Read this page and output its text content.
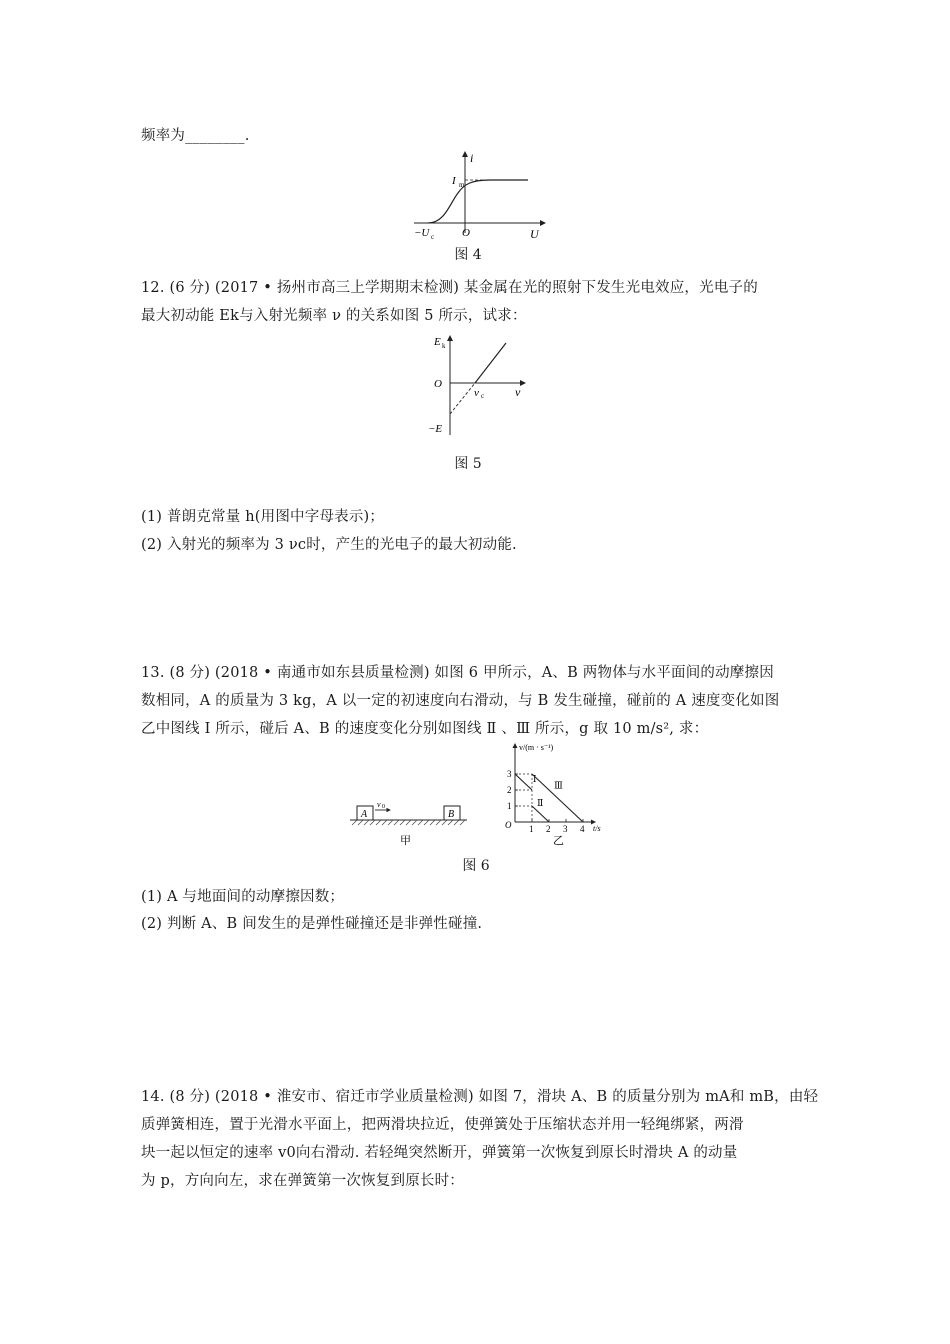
频率为________.
i
I m
−U c	O	U
图 4
12. (6 分) (2017 • 扬州市高三上学期期末检测) 某金属在光的照射下发生光电效应，光电子的
最大初动能 Ek与入射光频率 ν 的关系如图 5 所示，试求：
E k
O
ν c	ν
−E
图 5
(1) 普朗克常量 h(用图中字母表示)；
(2) 入射光的频率为 3 νc时，产生的光电子的最大初动能.
13. (8 分) (2018 • 南通市如东县质量检测) 如图 6 甲所示，A、B 两物体与水平面间的动摩擦因
数相同，A 的质量为 3 kg，A 以一定的初速度向右滑动，与 B 发生碰撞，碰前的 A 速度变化如图
乙中图线 Ⅰ 所示，碰后 A、B 的速度变化分别如图线 Ⅱ 、Ⅲ 所示，g 取 10 m/s², 求：
A
v 0
B
甲
v/(m · s⁻¹)
t/s
O
1
2
3
1 2 3 4
Ⅰ
Ⅱ
Ⅲ
乙
图 6
(1) A 与地面间的动摩擦因数；
(2) 判断 A、B 间发生的是弹性碰撞还是非弹性碰撞.
14. (8 分) (2018 • 淮安市、宿迁市学业质量检测) 如图 7，滑块 A、B 的质量分别为 mA和 mB，由轻
质弹簧相连，置于光滑水平面上，把两滑块拉近，使弹簧处于压缩状态并用一轻绳绑紧，两滑
块一起以恒定的速率 v0向右滑动. 若轻绳突然断开，弹簧第一次恢复到原长时滑块 A 的动量
为 p，方向向左，求在弹簧第一次恢复到原长时：
